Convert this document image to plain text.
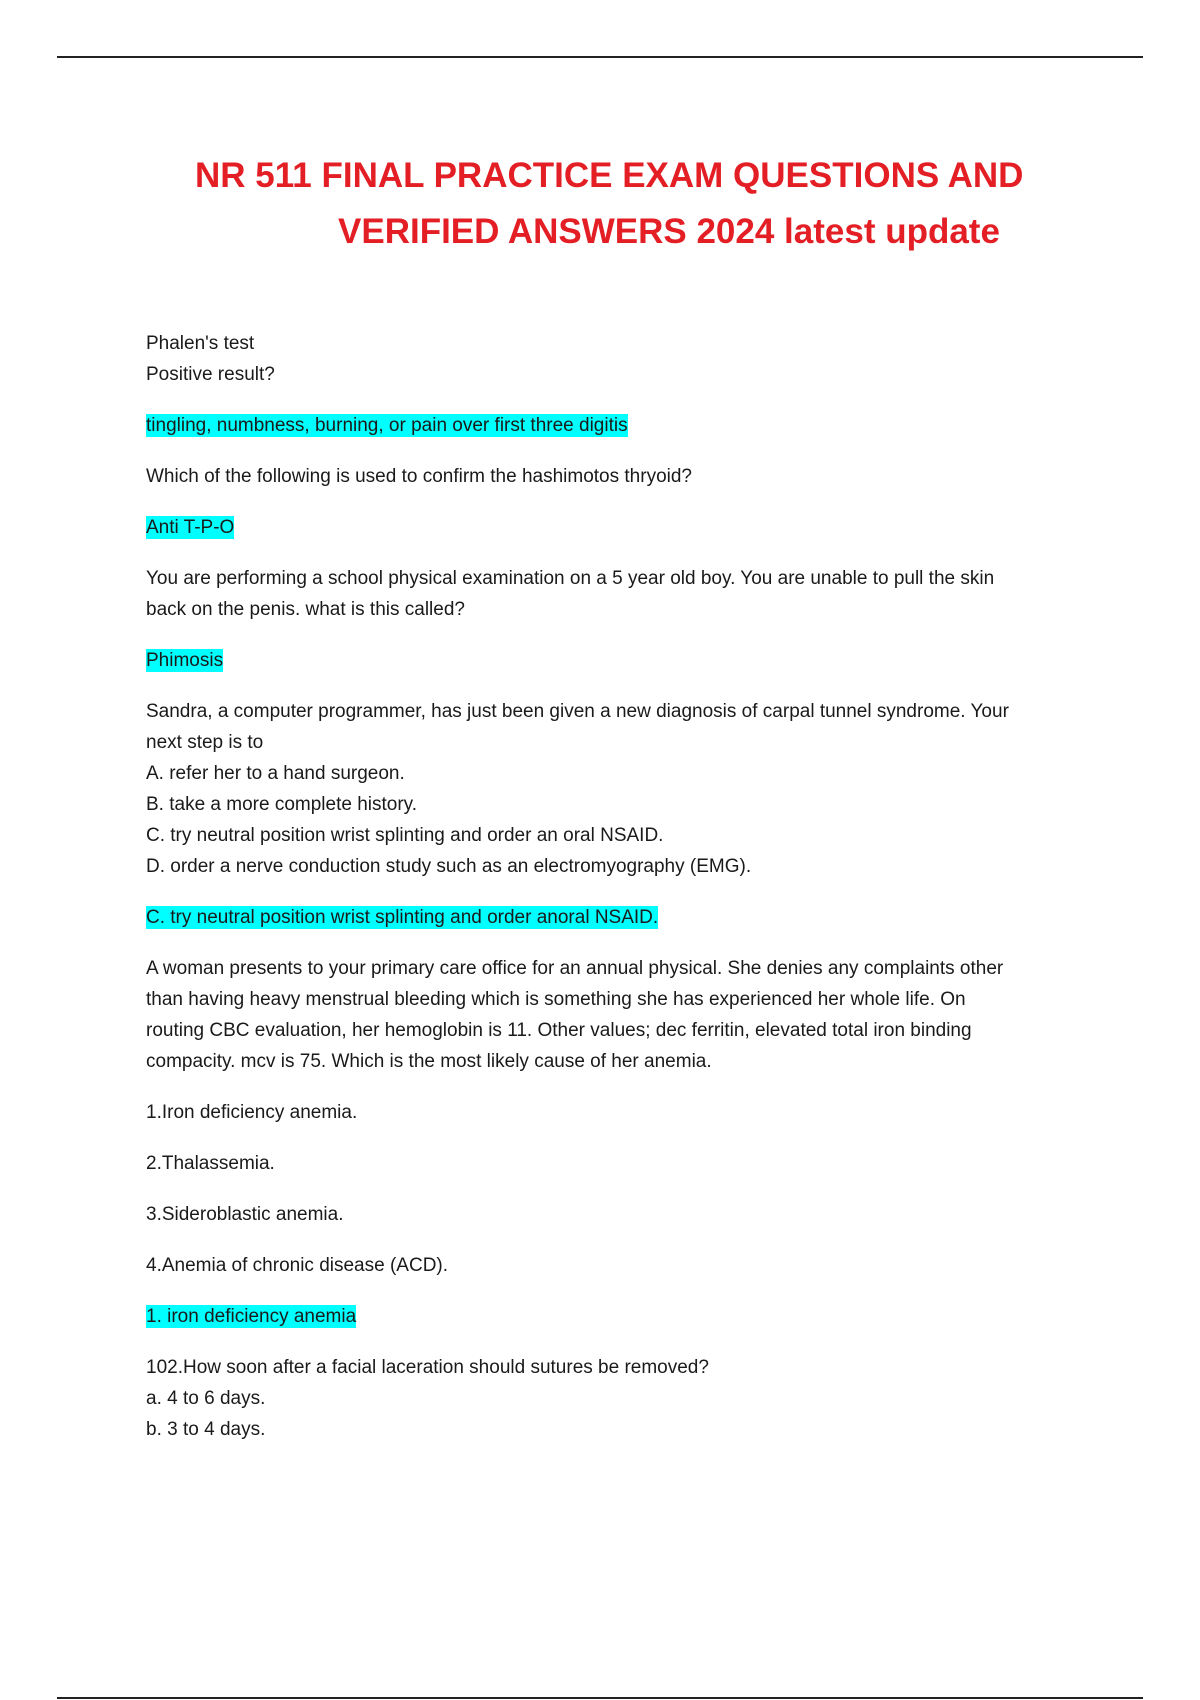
NR 511 FINAL PRACTICE EXAM QUESTIONS AND
VERIFIED ANSWERS 2024 latest update

Phalen's test

Positive result?

tingling, numbness, burning, or pain over first three digitis

Which of the following is used to confirm the hashimotos thryoid?

Anti T-P-O

You are performing a school physical examination on a 5 year old boy. You are unable to pull the skin

back on the penis. what is this called?

Phimosis

Sandra, a computer programmer, has just been given a new diagnosis of carpal tunnel syndrome. Your

next step is to

A. refer her to a hand surgeon.

B. take a more complete history.

C. try neutral position wrist splinting and order an oral NSAID.

D. order a nerve conduction study such as an electromyography (EMG).

C. try neutral position wrist splinting and order anoral NSAID.

A woman presents to your primary care office for an annual physical. She denies any complaints other

than having heavy menstrual bleeding which is something she has experienced her whole life. On

routing CBC evaluation, her hemoglobin is 11. Other values; dec ferritin, elevated total iron binding

compacity. mcv is 75. Which is the most likely cause of her anemia.

1.Iron deficiency anemia.

2.Thalassemia.

3.Sideroblastic anemia.

4.Anemia of chronic disease (ACD).

1. iron deficiency anemia

102.How soon after a facial laceration should sutures be removed?

a. 4 to 6 days.

b. 3 to 4 days.
